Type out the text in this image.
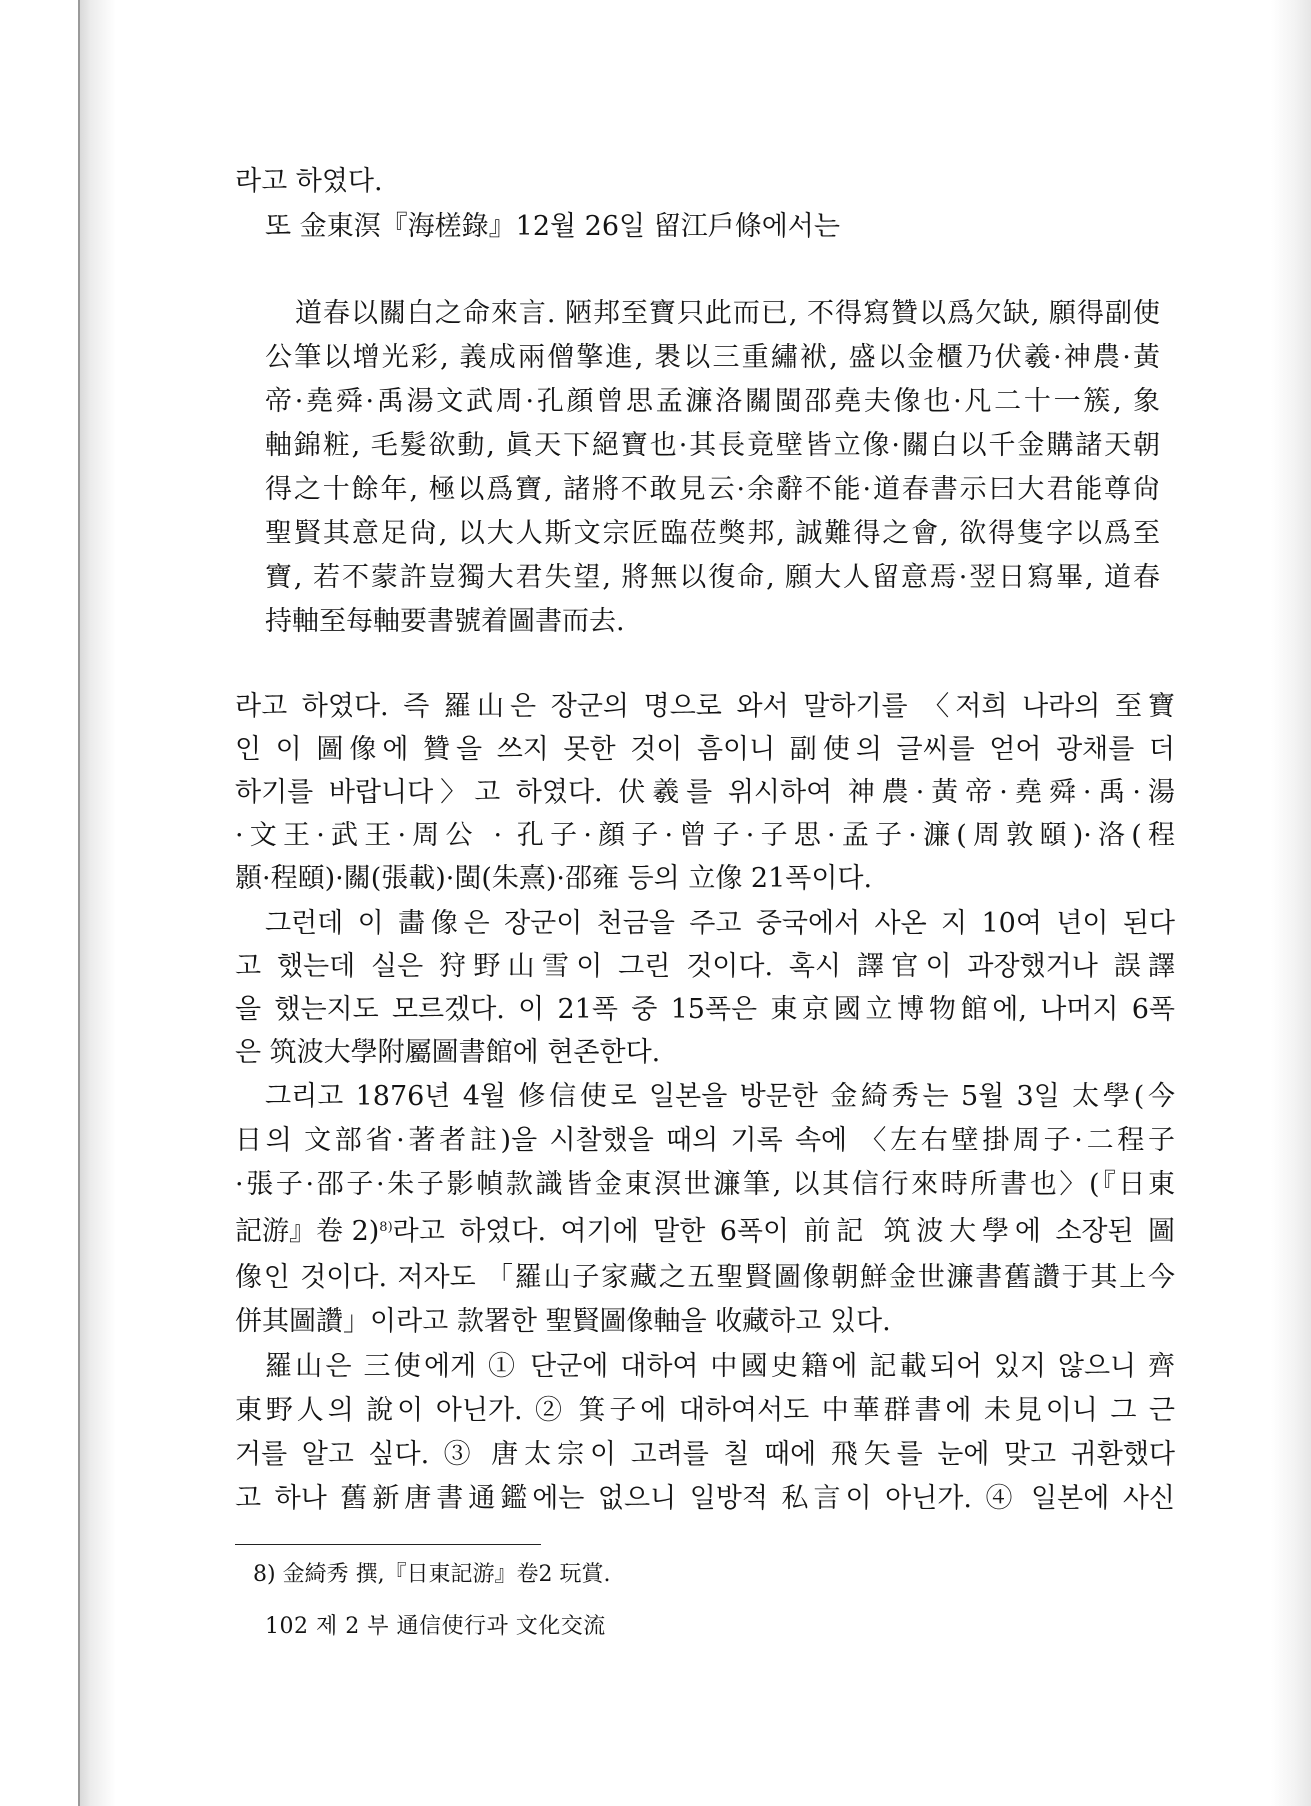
라고 하였다.
또 金東溟『海槎錄』12월 26일 留江戶條에서는
道春以關白之命來言. 陋邦至寶只此而已, 不得寫贊以爲欠缺, 願得副使
公筆以增光彩, 義成兩僧擎進, 褁以三重繡袱, 盛以金櫃乃伏羲·神農·黃
帝·堯舜·禹湯文武周·孔顔曾思孟濂洛關閩邵堯夫像也·凡二十一簇, 象
軸錦粧, 毛髮欲動, 眞天下絕寶也·其長竟壁皆立像·關白以千金購諸天朝
得之十餘年, 極以爲寶, 諸將不敢見云·余辭不能·道春書示曰大君能尊尙
聖賢其意足尙, 以大人斯文宗匠臨莅獘邦, 誠難得之會, 欲得隻字以爲至
寶, 若不蒙許豈獨大君失望, 將無以復命, 願大人留意焉·翌日寫畢, 道春
持軸至每軸要書號着圖書而去.
라고 하였다. 즉 羅山은 장군의 명으로 와서 말하기를 〈저희 나라의 至寶
인 이 圖像에 贊을 쓰지 못한 것이 흠이니 副使의 글씨를 얻어 광채를 더
하기를 바랍니다〉고 하였다. 伏羲를 위시하여 神農·黃帝·堯舜·禹·湯
·文王·武王·周公 · 孔子·顔子·曾子·子思·孟子·濂(周敦頤)·洛(程
顥·程頤)·關(張載)·閩(朱熹)·邵雍 등의 立像 21폭이다.
그런데 이 畵像은 장군이 천금을 주고 중국에서 사온 지 10여 년이 된다
고 했는데 실은 狩野山雪이 그린 것이다. 혹시 譯官이 과장했거나 誤譯
을 했는지도 모르겠다. 이 21폭 중 15폭은 東京國立博物館에, 나머지 6폭
은 筑波大學附屬圖書館에 현존한다.
그리고 1876년 4월 修信使로 일본을 방문한 金綺秀는 5월 3일 太學(今
日의 文部省·著者註)을 시찰했을 때의 기록 속에 〈左右壁掛周子·二程子
·張子·邵子·朱子影幀款識皆金東溟世濂筆, 以其信行來時所書也〉(『日東
記游』卷 2)$^{8)}$ 라고 하였다. 여기에 말한 6폭이 前記 筑波大學에 소장된 圖
像인 것이다. 저자도 「羅山子家藏之五聖賢圖像朝鮮金世濂書舊讚于其上今
併其圖讚」이라고 款署한 聖賢圖像軸을 收藏하고 있다.
羅山은 三使에게 ① 단군에 대하여 中國史籍에 記載되어 있지 않으니 齊
東野人의 說이 아닌가. ② 箕子에 대하여서도 中華群書에 未見이니 그 근
거를 알고 싶다. ③ 唐太宗이 고려를 칠 때에 飛矢를 눈에 맞고 귀환했다
고 하나 舊新唐書通鑑에는 없으니 일방적 私言이 아닌가. ④ 일본에 사신
8) 金綺秀 撰,『日東記游』卷2 玩賞.
102 제 2 부 通信使行과 文化交流
